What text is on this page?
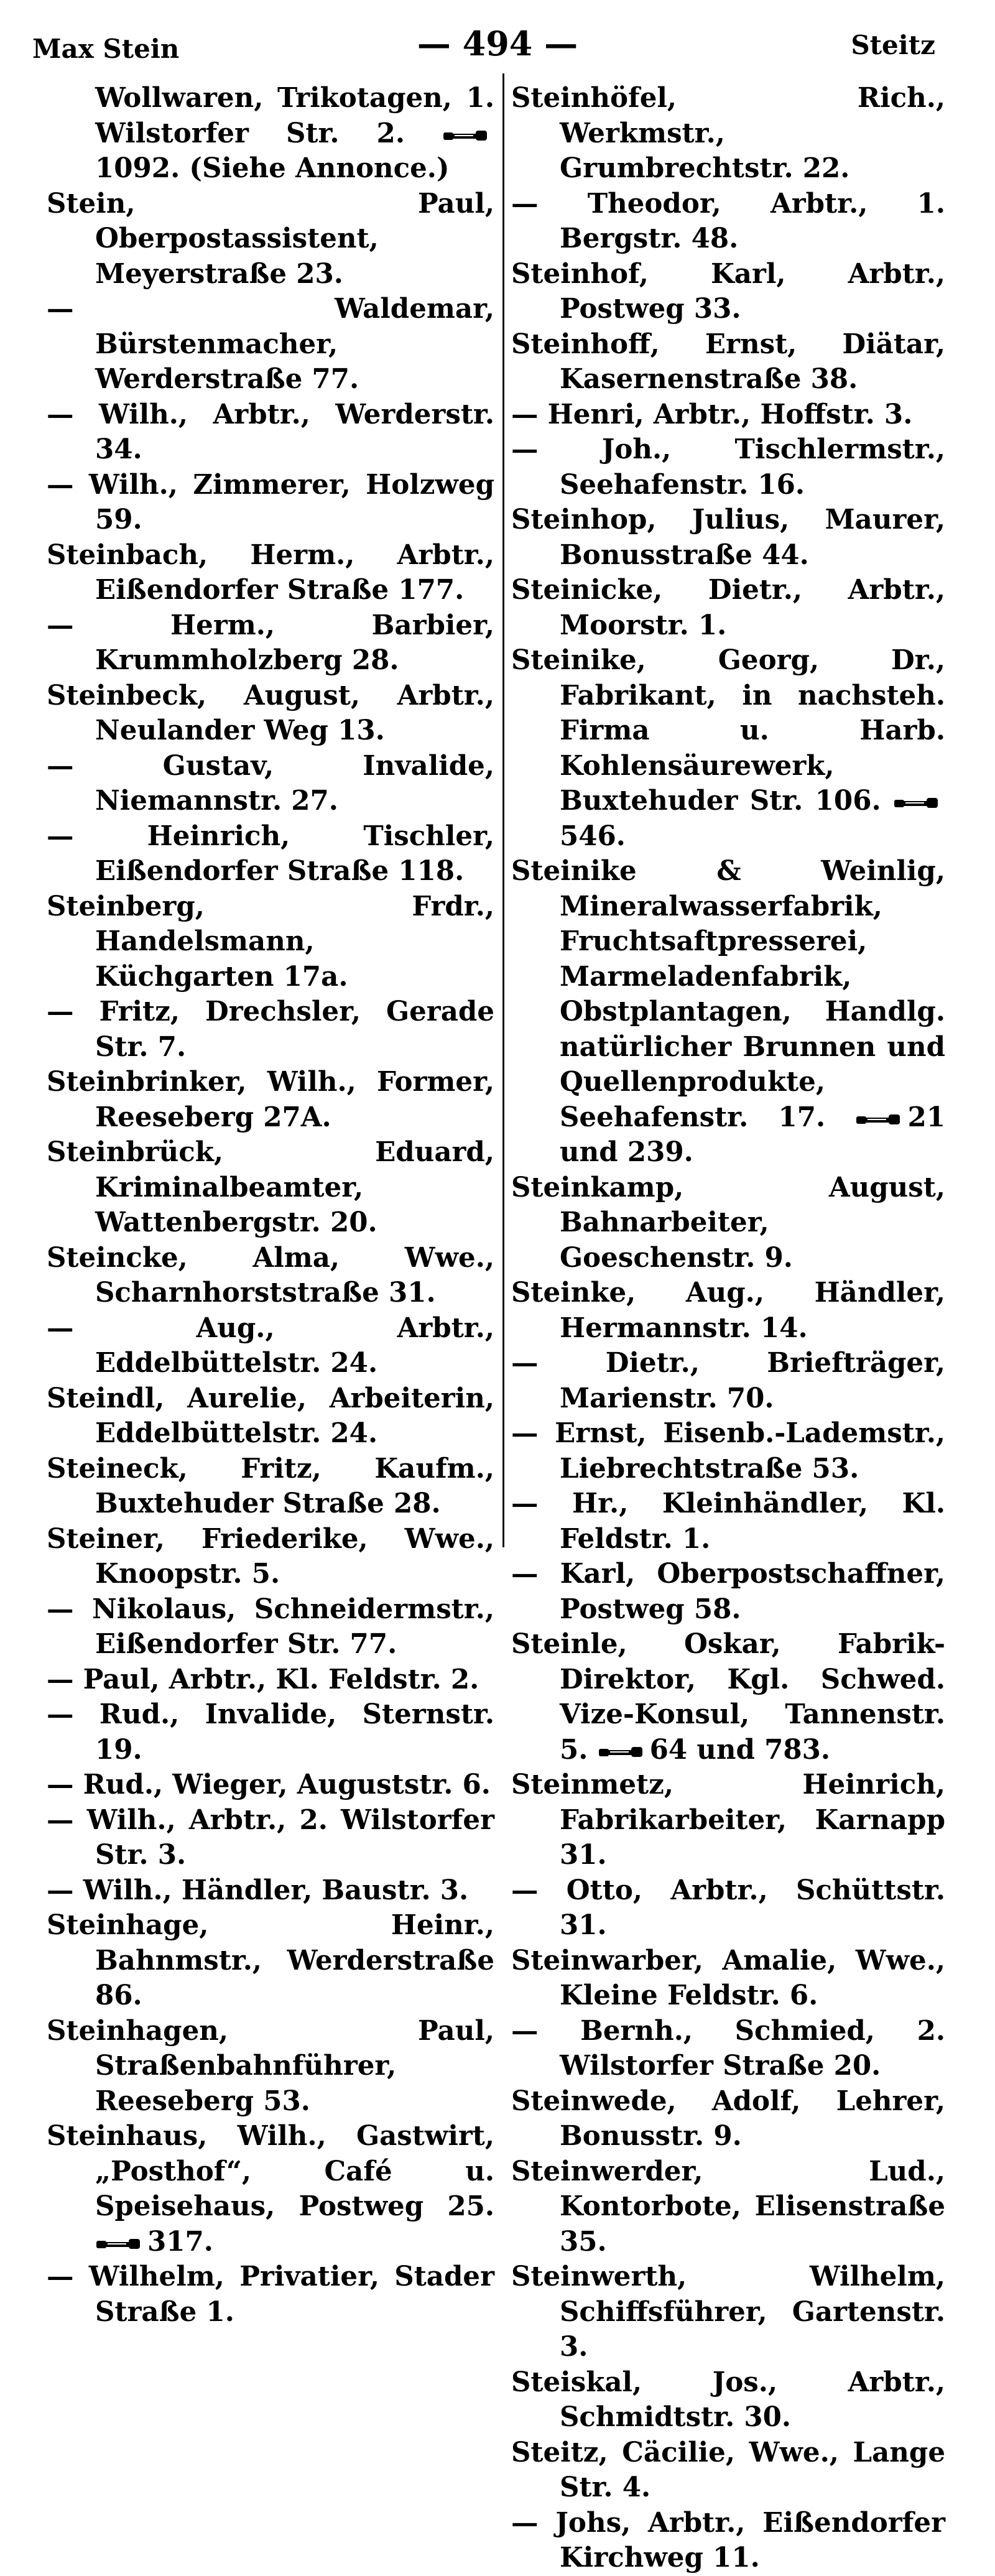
Max Stein	— 494 —	Steitz

Wollwaren, Trikotagen, 1. Wilstorfer Str. 2.
1092. (Siehe Annonce.)

Stein, Paul, Oberpostassistent, Meyerstraße 23.

— Waldemar, Bürstenmacher, Werderstraße 77.

— Wilh., Arbtr., Werderstr. 34.

— Wilh., Zimmerer, Holzweg 59.

Steinbach, Herm., Arbtr., Eißendorfer Straße 177.

— Herm., Barbier, Krummholzberg 28.

Steinbeck, August, Arbtr., Neulander Weg 13.

— Gustav, Invalide, Niemannstr. 27.

— Heinrich, Tischler, Eißendorfer Straße 118.

Steinberg, Frdr., Handelsmann, Küchgarten 17a.

— Fritz, Drechsler, Gerade Str. 7.

Steinbrinker, Wilh., Former, Reeseberg 27A.

Steinbrück, Eduard, Kriminalbeamter, Wattenbergstr. 20.

Steincke, Alma, Wwe., Scharnhorststraße 31.

— Aug., Arbtr., Eddelbüttelstr. 24.

Steindl, Aurelie, Arbeiterin, Eddelbüttelstr. 24.

Steineck, Fritz, Kaufm., Buxtehuder Straße 28.

Steiner, Friederike, Wwe., Knoopstr. 5.

— Nikolaus, Schneidermstr., Eißendorfer Str. 77.

— Paul, Arbtr., Kl. Feldstr. 2.

— Rud., Invalide, Sternstr. 19.

— Rud., Wieger, Auguststr. 6.

— Wilh., Arbtr., 2. Wilstorfer Str. 3.

— Wilh., Händler, Baustr. 3.

Steinhage, Heinr., Bahnmstr., Werderstraße 86.

Steinhagen, Paul, Straßenbahnführer, Reeseberg 53.

Steinhaus, Wilh., Gastwirt, „Posthof“, Café u. Speisehaus, Postweg 25.
317.

— Wilhelm, Privatier, Stader Straße 1.

Steinhöfel, Rich., Werkmstr., Grumbrechtstr. 22.

— Theodor, Arbtr., 1. Bergstr. 48.

Steinhof, Karl, Arbtr., Postweg 33.

Steinhoff, Ernst, Diätar, Kasernenstraße 38.

— Henri, Arbtr., Hoffstr. 3.

— Joh., Tischlermstr., Seehafenstr. 16.

Steinhop, Julius, Maurer, Bonusstraße 44.

Steinicke, Dietr., Arbtr., Moorstr. 1.

Steinike, Georg, Dr., Fabrikant, in nachsteh. Firma u. Harb. Kohlensäurewerk, Buxtehuder Str. 106.
546.

Steinike & Weinlig, Mineralwasserfabrik, Fruchtsaftpresserei, Marmeladenfabrik, Obstplantagen, Handlg. natürlicher Brunnen und Quellenprodukte, Seehafenstr. 17.	21 und 239.

Steinkamp, August, Bahnarbeiter, Goeschenstr. 9.

Steinke, Aug., Händler, Hermannstr. 14.

— Dietr., Briefträger, Marienstr. 70.

— Ernst, Eisenb.-Lademstr., Liebrechtstraße 53.

— Hr., Kleinhändler, Kl. Feldstr. 1.

— Karl, Oberpostschaffner, Postweg 58.

Steinle, Oskar, Fabrik-Direktor, Kgl. Schwed. Vize-Konsul, Tannenstr. 5. 64 und 783.

Steinmetz, Heinrich, Fabrikarbeiter, Karnapp 31.

— Otto, Arbtr., Schüttstr. 31.

Steinwarber, Amalie, Wwe., Kleine Feldstr. 6.

— Bernh., Schmied, 2. Wilstorfer Straße 20.

Steinwede, Adolf, Lehrer, Bonusstr. 9.

Steinwerder, Lud., Kontorbote, Elisenstraße 35.

Steinwerth, Wilhelm, Schiffsführer, Gartenstr. 3.

Steiskal, Jos., Arbtr., Schmidtstr. 30.

Steitz, Cäcilie, Wwe., Lange Str. 4.

— Johs, Arbtr., Eißendorfer Kirchweg 11.
